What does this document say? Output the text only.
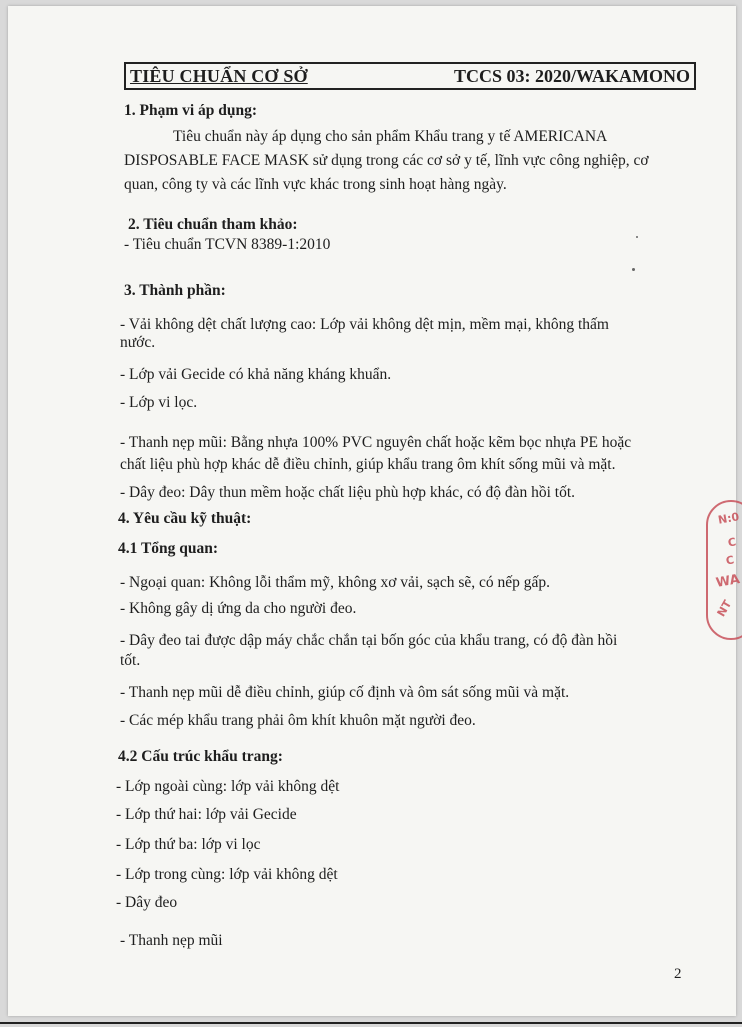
TIÊU CHUẨN CƠ SỞ	TCCS 03: 2020/WAKAMONO
1. Phạm vi áp dụng:
Tiêu chuẩn này áp dụng cho sản phẩm Khẩu trang y tế AMERICANA
DISPOSABLE FACE MASK sử dụng trong các cơ sở y tế, lĩnh vực công nghiệp, cơ
quan, công ty và các lĩnh vực khác trong sinh hoạt hàng ngày.
2. Tiêu chuẩn tham khảo:
- Tiêu chuẩn TCVN 8389-1:2010
3. Thành phần:
- Vải không dệt chất lượng cao: Lớp vải không dệt mịn, mềm mại, không thấm
nước.
- Lớp vải Gecide có khả năng kháng khuẩn.
- Lớp vi lọc.
- Thanh nẹp mũi: Bằng nhựa 100% PVC nguyên chất hoặc kẽm bọc nhựa PE hoặc
chất liệu phù hợp khác dễ điều chỉnh, giúp khẩu trang ôm khít sống mũi và mặt.
- Dây đeo: Dây thun mềm hoặc chất liệu phù hợp khác, có độ đàn hồi tốt.
4. Yêu cầu kỹ thuật:
4.1 Tổng quan:
- Ngoại quan: Không lỗi thẩm mỹ, không xơ vải, sạch sẽ, có nếp gấp.
- Không gây dị ứng da cho người đeo.
- Dây đeo tai được dập máy chắc chắn tại bốn góc của khẩu trang, có độ đàn hồi
tốt.
- Thanh nẹp mũi dễ điều chỉnh, giúp cố định và ôm sát sống mũi và mặt.
- Các mép khẩu trang phải ôm khít khuôn mặt người đeo.
4.2 Cấu trúc khẩu trang:
- Lớp ngoài cùng: lớp vải không dệt
- Lớp thứ hai: lớp vải Gecide
- Lớp thứ ba: lớp vi lọc
- Lớp trong cùng: lớp vải không dệt
- Dây đeo
- Thanh nẹp mũi
2
N:0
C
C
WA
NT
